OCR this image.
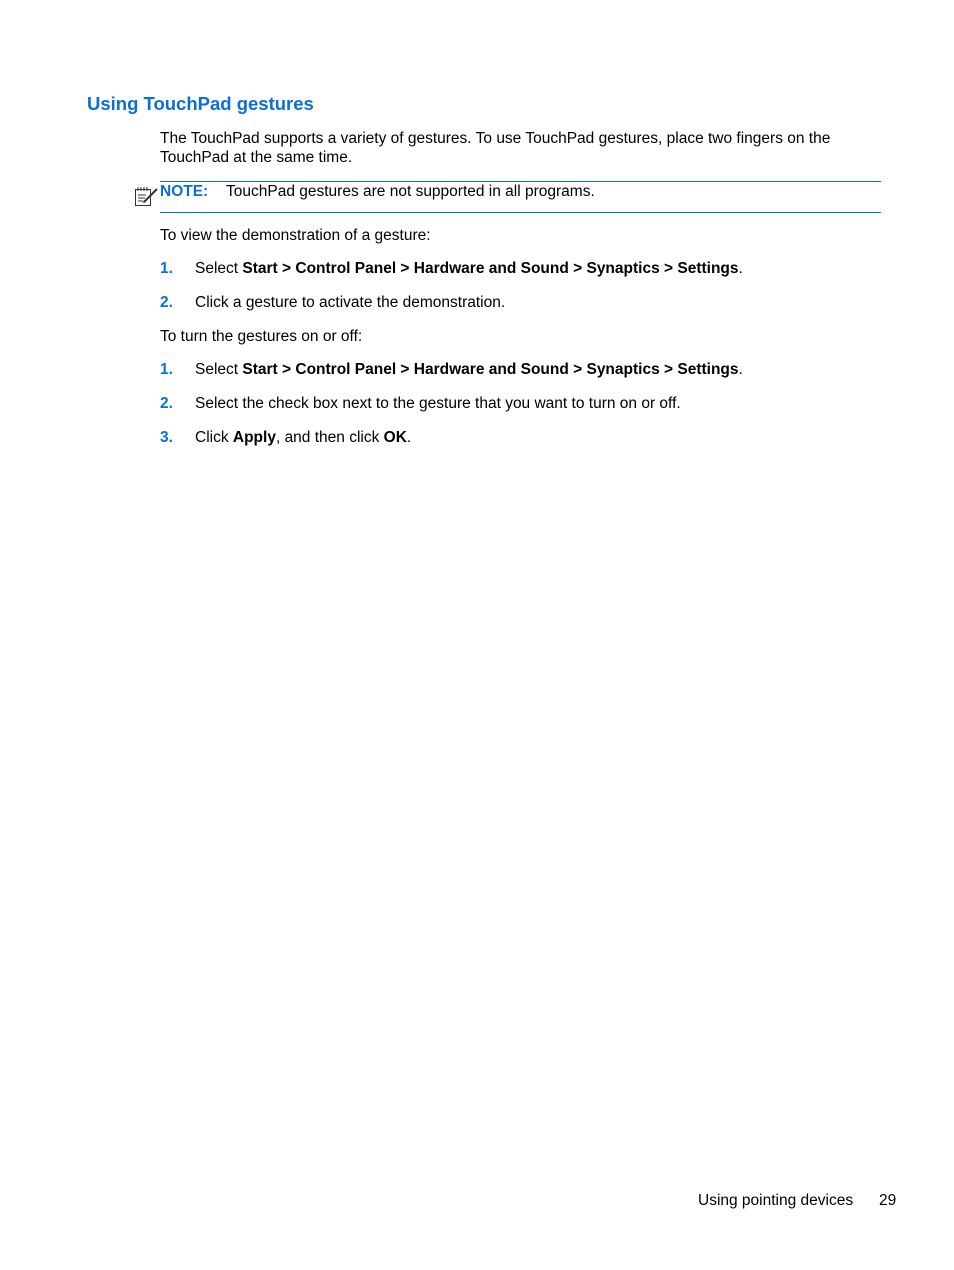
Using TouchPad gestures

The TouchPad supports a variety of gestures. To use TouchPad gestures, place two fingers on the TouchPad at the same time.

NOTE: TouchPad gestures are not supported in all programs.

To view the demonstration of a gesture:

1. Select Start > Control Panel > Hardware and Sound > Synaptics > Settings.
2. Click a gesture to activate the demonstration.

To turn the gestures on or off:

1. Select Start > Control Panel > Hardware and Sound > Synaptics > Settings.
2. Select the check box next to the gesture that you want to turn on or off.
3. Click Apply, and then click OK.
Using pointing devices 29
